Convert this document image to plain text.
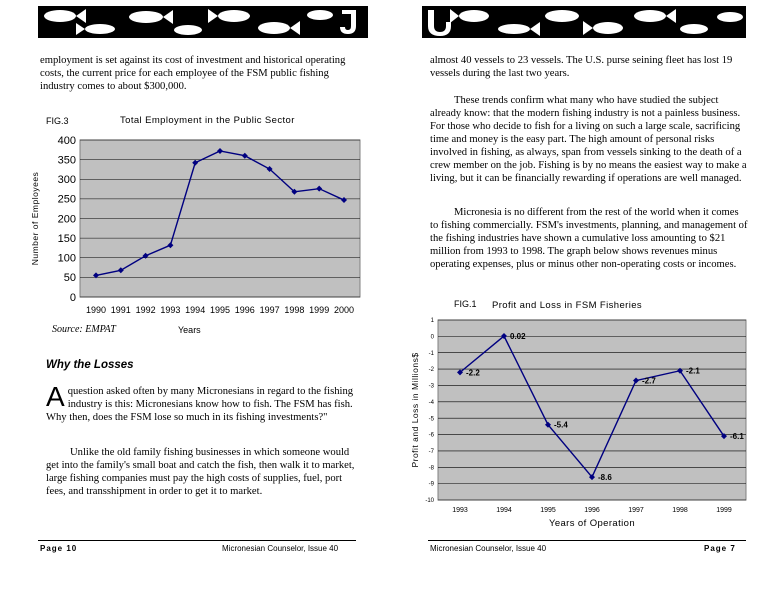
employment is set against its cost of investment and historical operating costs, the current price for each employee of the FSM public fishing industry comes to about $300,000.

FIG.3	Total Employment in the Public Sector
0
50
100
150
200
250
300
350
400
1990 1991 1992 1993 1994 1995 1996 1997 1998 1999 2000
Number of Employees
Source: EMPAT	Years
Why the Losses

Aquestion asked often by many Micronesians in regard to the fishing industry is this: Micronesians know how to fish. The FSM has fish. Why then, does the FSM lose so much in its fishing investments?"

Unlike the old family fishing businesses in which someone would get into the family's small boat and catch the fish, then walk it to market, large fishing companies must pay the high costs of supplies, fuel, port fees, and transshipment in order to get it to market.

Page 10	Micronesian Counselor, Issue 40

almost 40 vessels to 23 vessels. The U.S. purse seining fleet has lost 19 vessels during the last two years.

These trends confirm what many who have studied the subject already know: that the modern fishing industry is not a painless business. For those who decide to fish for a living on such a large scale, sacrificing time and money is the easy part. The high amount of personal risks involved in fishing, as always, span from vessels sinking to the death of a crew member on the job. Fishing is by no means the easiest way to make a living, but it can be financially rewarding if operations are well managed.

Micronesia is no different from the rest of the world when it comes to fishing commercially. FSM's investments, planning, and management of the fishing industries have shown a cumulative loss amounting to $21 million from 1993 to 1998. The graph below shows revenues minus operating expenses, plus or minus other non-operating costs or incomes.

FIG.1 Profit and Loss in FSM Fisheries
1
0
-1
-2
-3
-4
-5
-6
-7
-8
-9
-10
1993	1994	1995	1996	1997	1998	1999
Profit and Loss in Millions$
Years of Operation
-2.2
0.02
-5.4
-8.6
-2.7
-2.1
-6.1
Micronesian Counselor, Issue 40	Page 7
